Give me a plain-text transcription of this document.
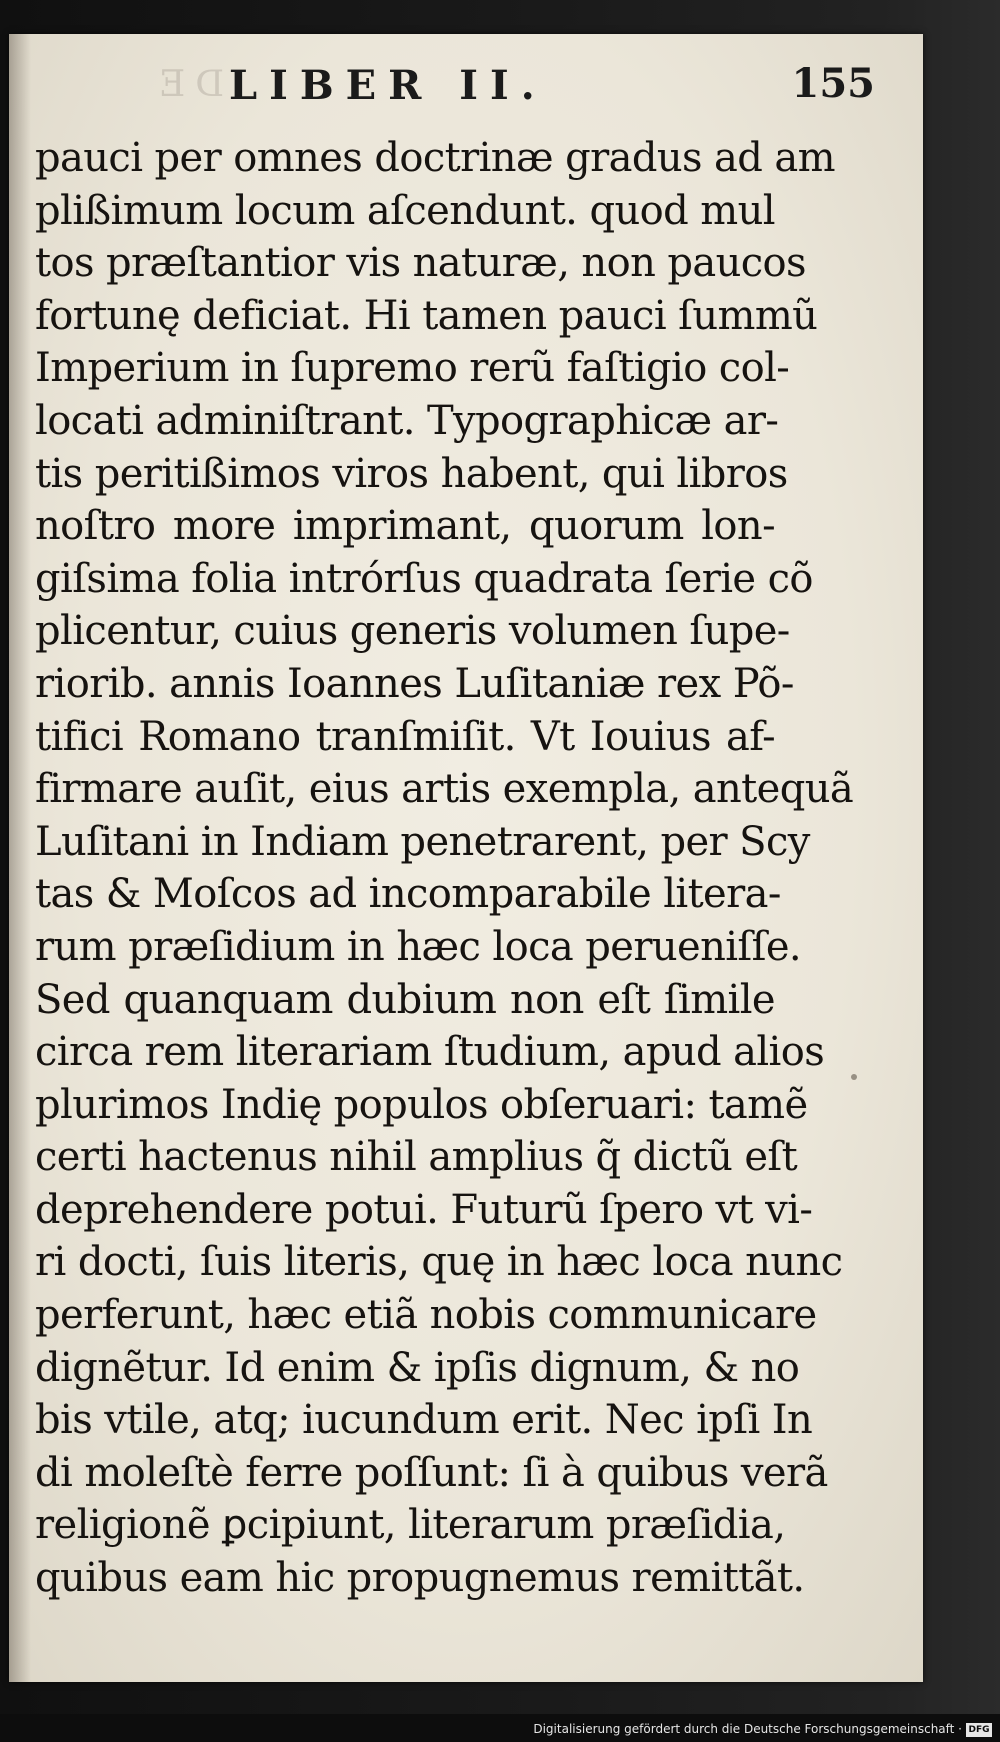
DE LIBER II.	155
pauci per omnes doctrinæ gradus ad am
plißimum locum aſcendunt. quod mul
tos præſtantior vis naturæ, non paucos
fortunę deficiat. Hi tamen pauci ſummũ
Imperium in ſupremo rerũ faſtigio col-
locati adminiſtrant. Typographicæ ar-
tis peritißimos viros habent, qui libros
noſtro more imprimant, quorum lon-
giſsima folia intrórſus quadrata ſerie cõ
plicentur, cuius generis volumen ſupe-
riorib. annis Ioannes Luſitaniæ rex Põ-
tifici Romano tranſmiſit. Vt Iouius af-
firmare auſit, eius artis exempla, antequã
Luſitani in Indiam penetrarent, per Scy
tas & Moſcos ad incomparabile litera-
rum præſidium in hæc loca perueniſſe.
Sed quanquam dubium non eſt ſimile
circa rem literariam ſtudium, apud alios
plurimos Indię populos obſeruari: tamẽ
certi hactenus nihil amplius q̃ dictũ eſt
deprehendere potui. Futurũ ſpero vt vi-
ri docti, ſuis literis, quę in hæc loca nunc
perferunt, hæc etiã nobis communicare
dignẽtur. Id enim & ipſis dignum, & no
bis vtile, atq; iucundum erit. Nec ipſi In
di moleſtè ferre poſſunt: ſi à quibus verã
religionẽ ꝑcipiunt, literarum præſidia,
quibus eam hic propugnemus remittãt.
Digitalisierung gefördert durch die Deutsche Forschungsgemeinschaft · DFG
